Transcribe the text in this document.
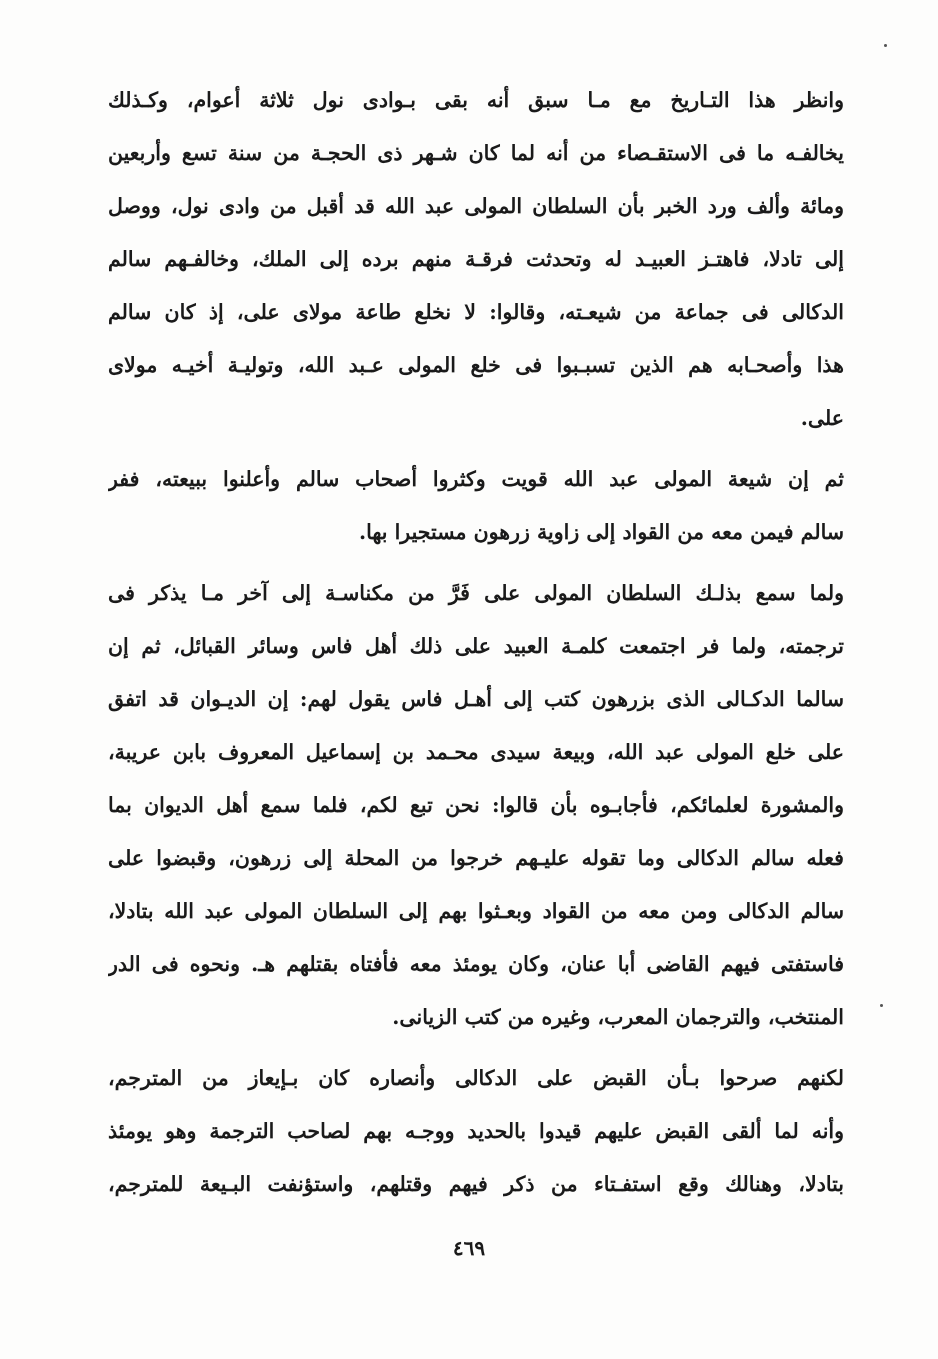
وانظر هذا التـاريخ مع مـا سبق أنه بقى بـوادى نول ثلاثة أعوام، وكـذلك
يخالفـه ما فى الاستقـصاء من أنه لما كان شـهر ذى الحجـة من سنة تسع وأربعين
ومائة وألف ورد الخبر بأن السلطان المولى عبد الله قد أقبل من وادى نول، ووصل
إلى تادلا، فاهتـز العبيـد له وتحدثت فرقـة منهم برده إلى الملك، وخالفـهم سالم
الدكالى فى جماعة من شيعـته، وقالوا: لا نخلع طاعة مولاى على، إذ كان سالم
هذا وأصحـابه هم الذين تسبـبوا فى خلع المولى عـبد الله، وتوليـة أخيـه مولاى
على.
ثم إن شيعة المولى عبد الله قويت وكثروا أصحاب سالم وأعلنوا ببيعته، ففر
سالم فيمن معه من القواد إلى زاوية زرهون مستجيرا بها.
ولما سمع بذلـك السلطان المولى على فَرَّ من مكناسـة إلى آخر مـا يذكر فى
ترجمته، ولما فر اجتمعت كلمـة العبيد على ذلك أهل فاس وسائر القبائل، ثم إن
سالما الدكـالى الذى بزرهون كتب إلى أهـل فاس يقول لهم: إن الديـوان قد اتفق
على خلع المولى عبد الله، وبيعة سيدى محـمد بن إسماعيل المعروف بابن عريبة،
والمشورة لعلمائكم، فأجابـوه بأن قالوا: نحن تبع لكم، فلما سمع أهل الديوان بما
فعله سالم الدكالى وما تقوله عليـهم خرجوا من المحلة إلى زرهون، وقبضوا على
سالم الدكالى ومن معه من القواد وبعـثوا بهم إلى السلطان المولى عبد الله بتادلا،
فاستفتى فيهم القاضى أبا عنان، وكان يومئذ معه فأفتاه بقتلهم هـ. ونحوه فى الدر
المنتخب، والترجمان المعرب، وغيره من كتب الزيانى.
لكنهم صرحوا بـأن القبض على الدكالى وأنصاره كان بـإيعاز من المترجم،
وأنه لما ألقى القبض عليهم قيدوا بالحديد ووجـه بهم لصاحب الترجمة وهو يومئذ
بتادلا، وهنالك وقع استفـتاء من ذكر فيهم وقتلهم، واستؤنفت البـيعة للمترجم،
٤٦٩
